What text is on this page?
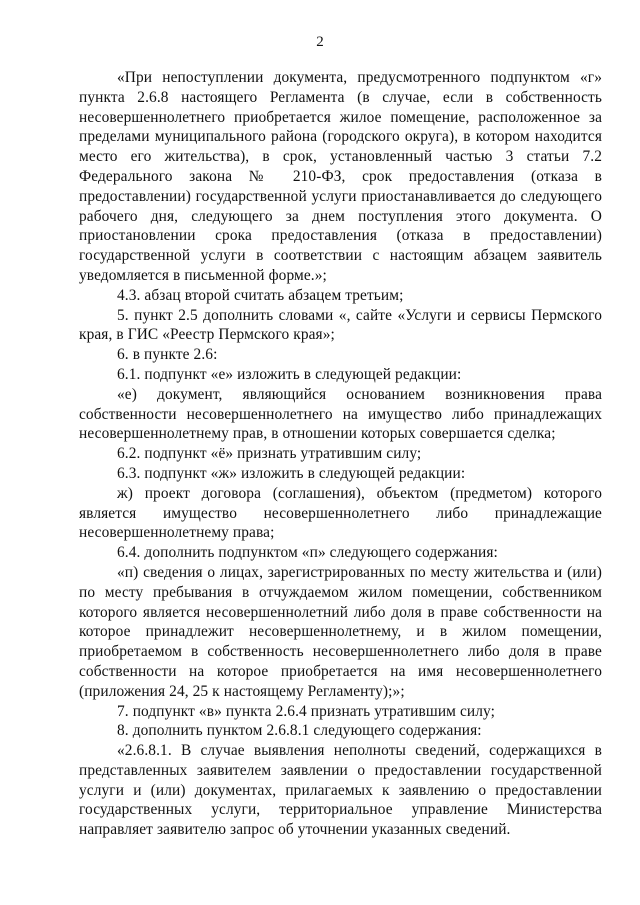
2

«При непоступлении документа, предусмотренного подпунктом «г» пункта 2.6.8 настоящего Регламента (в случае, если в собственность несовершеннолетнего приобретается жилое помещение, расположенное за пределами муниципального района (городского округа), в котором находится место его жительства), в срок, установленный частью 3 статьи 7.2 Федерального закона № 210-ФЗ, срок предоставления (отказа в предоставлении) государственной услуги приостанавливается до следующего рабочего дня, следующего за днем поступления этого документа. О приостановлении срока предоставления (отказа в предоставлении) государственной услуги в соответствии с настоящим абзацем заявитель уведомляется в письменной форме.»;

4.3. абзац второй считать абзацем третьим;

5. пункт 2.5 дополнить словами «, сайте «Услуги и сервисы Пермского края, в ГИС «Реестр Пермского края»;

6. в пункте 2.6:

6.1. подпункт «е» изложить в следующей редакции:

«е) документ, являющийся основанием возникновения права собственности несовершеннолетнего на имущество либо принадлежащих несовершеннолетнему прав, в отношении которых совершается сделка;

6.2. подпункт «ё» признать утратившим силу;

6.3. подпункт «ж» изложить в следующей редакции:

ж) проект договора (соглашения), объектом (предметом) которого является имущество несовершеннолетнего либо принадлежащие несовершеннолетнему права;

6.4. дополнить подпунктом «п» следующего содержания:

«п) сведения о лицах, зарегистрированных по месту жительства и (или) по месту пребывания в отчуждаемом жилом помещении, собственником которого является несовершеннолетний либо доля в праве собственности на которое принадлежит несовершеннолетнему, и в жилом помещении, приобретаемом в собственность несовершеннолетнего либо доля в праве собственности на которое приобретается на имя несовершеннолетнего (приложения 24, 25 к настоящему Регламенту);»;

7. подпункт «в» пункта 2.6.4 признать утратившим силу;

8. дополнить пунктом 2.6.8.1 следующего содержания:

«2.6.8.1. В случае выявления неполноты сведений, содержащихся в представленных заявителем заявлении о предоставлении государственной услуги и (или) документах, прилагаемых к заявлению о предоставлении государственных услуги, территориальное управление Министерства направляет заявителю запрос об уточнении указанных сведений.
